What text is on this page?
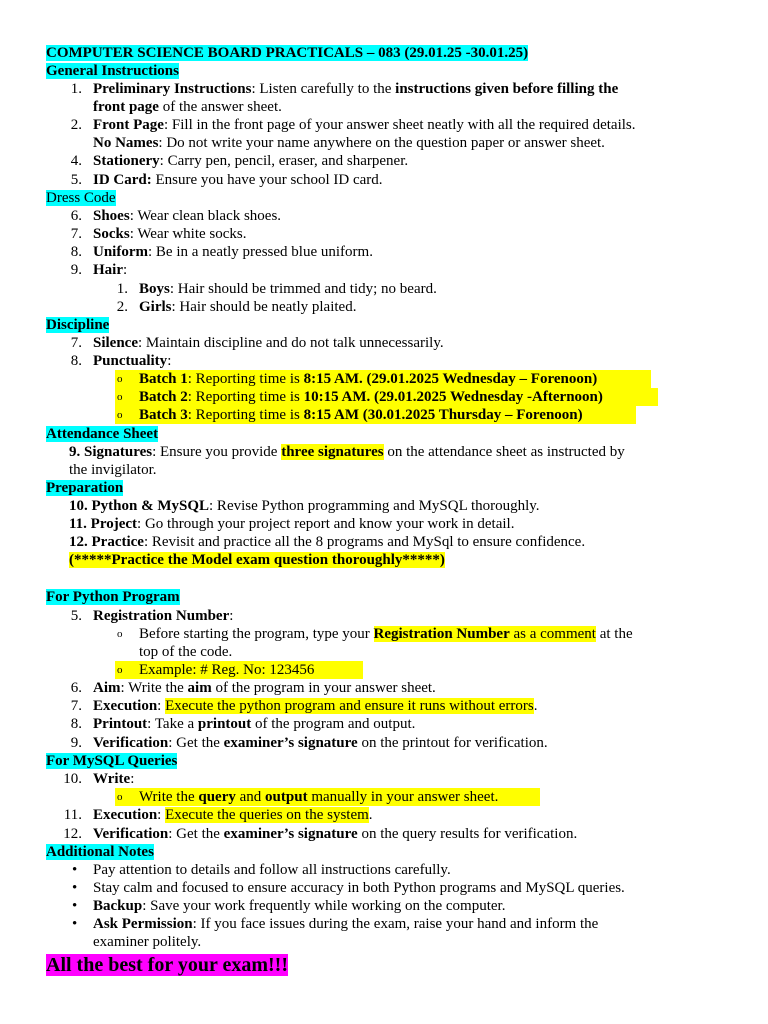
COMPUTER SCIENCE BOARD PRACTICALS – 083 (29.01.25 -30.01.25)
General Instructions
1. Preliminary Instructions: Listen carefully to the instructions given before filling the
front page of the answer sheet.
2. Front Page: Fill in the front page of your answer sheet neatly with all the required details.
No Names: Do not write your name anywhere on the question paper or answer sheet.
4. Stationery: Carry pen, pencil, eraser, and sharpener.
5. ID Card: Ensure you have your school ID card.
Dress Code
6. Shoes: Wear clean black shoes.
7. Socks: Wear white socks.
8. Uniform: Be in a neatly pressed blue uniform.
9. Hair:
1. Boys: Hair should be trimmed and tidy; no beard.
2. Girls: Hair should be neatly plaited.
Discipline
7. Silence: Maintain discipline and do not talk unnecessarily.
8. Punctuality:
o Batch 1: Reporting time is 8:15 AM. (29.01.2025 Wednesday – Forenoon)
o Batch 2: Reporting time is 10:15 AM. (29.01.2025 Wednesday -Afternoon)
o Batch 3: Reporting time is 8:15 AM (30.01.2025 Thursday – Forenoon)
Attendance Sheet
9. Signatures: Ensure you provide three signatures on the attendance sheet as instructed by
the invigilator.
Preparation
10. Python & MySQL: Revise Python programming and MySQL thoroughly.
11. Project: Go through your project report and know your work in detail.
12. Practice: Revisit and practice all the 8 programs and MySql to ensure confidence.
(*****Practice the Model exam question thoroughly*****)
For Python Program
5. Registration Number:
o Before starting the program, type your Registration Number as a comment at the
top of the code.
o Example: # Reg. No: 123456
6. Aim: Write the aim of the program in your answer sheet.
7. Execution: Execute the python program and ensure it runs without errors.
8. Printout: Take a printout of the program and output.
9. Verification: Get the examiner’s signature on the printout for verification.
For MySQL Queries
10. Write:
o Write the query and output manually in your answer sheet.
11. Execution: Execute the queries on the system.
12. Verification: Get the examiner’s signature on the query results for verification.
Additional Notes
• Pay attention to details and follow all instructions carefully.
• Stay calm and focused to ensure accuracy in both Python programs and MySQL queries.
• Backup: Save your work frequently while working on the computer.
• Ask Permission: If you face issues during the exam, raise your hand and inform the
examiner politely.
All the best for your exam!!!
